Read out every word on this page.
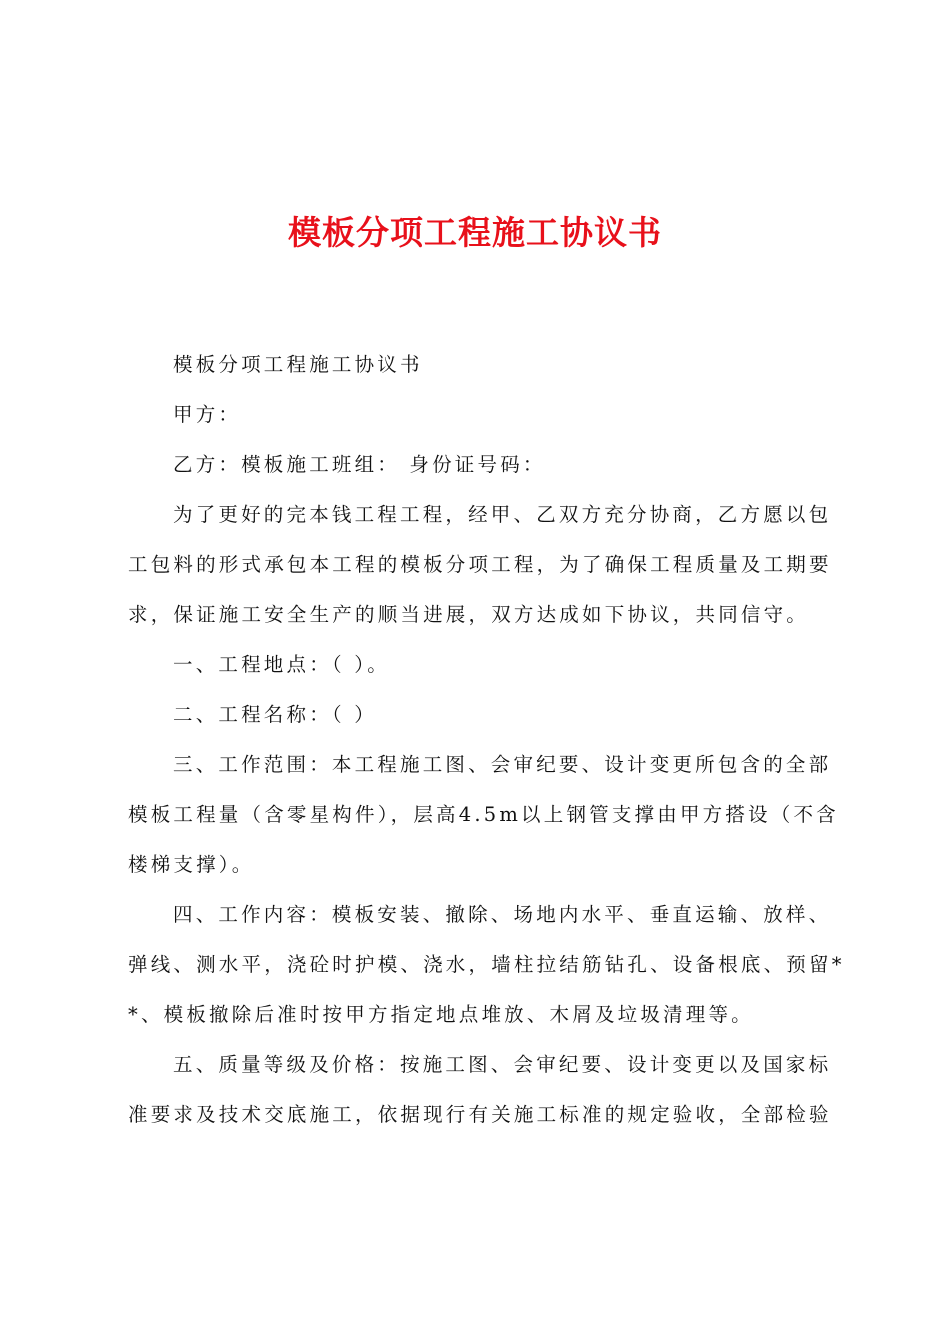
模板分项工程施工协议书

模板分项工程施工协议书

甲方：

乙方：模板施工班组： 身份证号码：

为了更好的完本钱工程工程，经甲、乙双方充分协商，乙方愿以包

工包料的形式承包本工程的模板分项工程，为了确保工程质量及工期要

求，保证施工安全生产的顺当进展，双方达成如下协议，共同信守。

一、工程地点：（ ）。

二、工程名称：（ ）

三、工作范围：本工程施工图、会审纪要、设计变更所包含的全部

模板工程量（含零星构件），层高4.5m以上钢管支撑由甲方搭设（不含

楼梯支撑）。

四、工作内容：模板安装、撤除、场地内水平、垂直运输、放样、

弹线、测水平，浇砼时护模、浇水，墙柱拉结筋钻孔、设备根底、预留*

*、模板撤除后准时按甲方指定地点堆放、木屑及垃圾清理等。

五、质量等级及价格：按施工图、会审纪要、设计变更以及国家标

准要求及技术交底施工，依据现行有关施工标准的规定验收，全部检验
